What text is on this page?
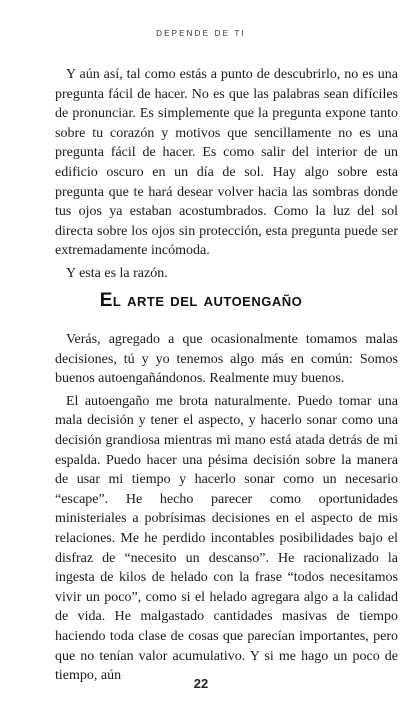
DEPENDE DE TI

Y aún así, tal como estás a punto de descubrirlo, no es una pregunta fácil de hacer. No es que las palabras sean difíciles de pronunciar. Es simplemente que la pregunta expone tanto sobre tu corazón y motivos que sencillamente no es una pregunta fácil de hacer. Es como salir del interior de un edificio oscuro en un día de sol. Hay algo sobre esta pregunta que te hará desear volver hacia las sombras donde tus ojos ya estaban acostumbrados. Como la luz del sol directa sobre los ojos sin protección, esta pregunta puede ser extremadamente incómoda.

Y esta es la razón.

El arte del autoengaño

Verás, agregado a que ocasionalmente tomamos malas decisiones, tú y yo tenemos algo más en común: Somos buenos autoengañándonos. Realmente muy buenos.

El autoengaño me brota naturalmente. Puedo tomar una mala decisión y tener el aspecto, y hacerlo sonar como una decisión grandiosa mientras mi mano está atada detrás de mi espalda. Puedo hacer una pésima decisión sobre la manera de usar mi tiempo y hacerlo sonar como un necesario “escape”. He hecho parecer como oportunidades ministeriales a pobrísimas decisiones en el aspecto de mis relaciones. Me he perdido incontables posibilidades bajo el disfraz de “necesito un descanso”. He racionalizado la ingesta de kilos de helado con la frase “todos necesitamos vivir un poco”, como si el helado agregara algo a la calidad de vida. He malgastado cantidades masivas de tiempo haciendo toda clase de cosas que parecían importantes, pero que no tenían valor acumulativo. Y si me hago un poco de tiempo, aún

22
